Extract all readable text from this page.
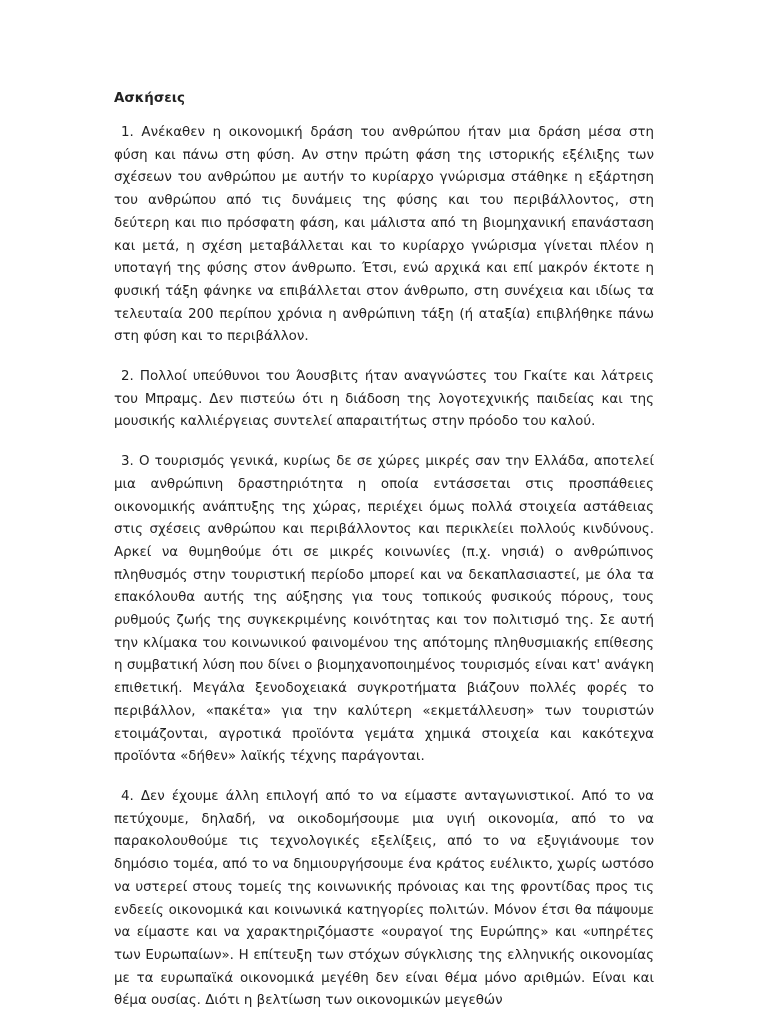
Ασκήσεις

1. Ανέκαθεν η οικονομική δράση του ανθρώπου ήταν μια δράση μέσα στη φύση και πάνω στη φύση. Αν στην πρώτη φάση της ιστορικής εξέλιξης των σχέσεων του ανθρώπου με αυτήν το κυρίαρχο γνώρισμα στάθηκε η εξάρτηση του ανθρώπου από τις δυνάμεις της φύσης και του περιβάλλοντος, στη δεύτερη και πιο πρόσφατη φάση, και μάλιστα από τη βιομηχανική επανάσταση και μετά, η σχέση μεταβάλλεται και το κυρίαρχο γνώρισμα γίνεται πλέον η υποταγή της φύσης στον άνθρωπο. Έτσι, ενώ αρχικά και επί μακρόν έκτοτε η φυσική τάξη φάνηκε να επιβάλλεται στον άνθρωπο, στη συνέχεια και ιδίως τα τελευταία 200 περίπου χρόνια η ανθρώπινη τάξη (ή αταξία) επιβλήθηκε πάνω στη φύση και το περιβάλλον.

2. Πολλοί υπεύθυνοι του Άουσβιτς ήταν αναγνώστες του Γκαίτε και λάτρεις του Μπραμς. Δεν πιστεύω ότι η διάδοση της λογοτεχνικής παιδείας και της μουσικής καλλιέργειας συντελεί απαραιτήτως στην πρόοδο του καλού.

3. Ο τουρισμός γενικά, κυρίως δε σε χώρες μικρές σαν την Ελλάδα, αποτελεί μια ανθρώπινη δραστηριότητα η οποία εντάσσεται στις προσπάθειες οικονομικής ανάπτυξης της χώρας, περιέχει όμως πολλά στοιχεία αστάθειας στις σχέσεις ανθρώπου και περιβάλλοντος και περικλείει πολλούς κινδύνους. Αρκεί να θυμηθούμε ότι σε μικρές κοινωνίες (π.χ. νησιά) ο ανθρώπινος πληθυσμός στην τουριστική περίοδο μπορεί και να δεκαπλασιαστεί, με όλα τα επακόλουθα αυτής της αύξησης για τους τοπικούς φυσικούς πόρους, τους ρυθμούς ζωής της συγκεκριμένης κοινότητας και τον πολιτισμό της. Σε αυτή την κλίμακα του κοινωνικού φαινομένου της απότομης πληθυσμιακής επίθεσης η συμβατική λύση που δίνει ο βιομηχανοποιημένος τουρισμός είναι κατ' ανάγκη επιθετική. Μεγάλα ξενοδοχειακά συγκροτήματα βιάζουν πολλές φορές το περιβάλλον, «πακέτα» για την καλύτερη «εκμετάλλευση» των τουριστών ετοιμάζονται, αγροτικά προϊόντα γεμάτα χημικά στοιχεία και κακότεχνα προϊόντα «δήθεν» λαϊκής τέχνης παράγονται.

4. Δεν έχουμε άλλη επιλογή από το να είμαστε ανταγωνιστικοί. Από το να πετύχουμε, δηλαδή, να οικοδομήσουμε μια υγιή οικονομία, από το να παρακολουθούμε τις τεχνολογικές εξελίξεις, από το να εξυγιάνουμε τον δημόσιο τομέα, από το να δημιουργήσουμε ένα κράτος ευέλικτο, χωρίς ωστόσο να υστερεί στους τομείς της κοινωνικής πρόνοιας και της φροντίδας προς τις ενδεείς οικονομικά και κοινωνικά κατηγορίες πολιτών. Μόνον έτσι θα πάψουμε να είμαστε και να χαρακτηριζόμαστε «ουραγοί της Ευρώπης» και «υπηρέτες των Ευρωπαίων». Η επίτευξη των στόχων σύγκλισης της ελληνικής οικονομίας με τα ευρωπαϊκά οικονομικά μεγέθη δεν είναι θέμα μόνο αριθμών. Είναι και θέμα ουσίας. Διότι η βελτίωση των οικονομικών μεγεθών
